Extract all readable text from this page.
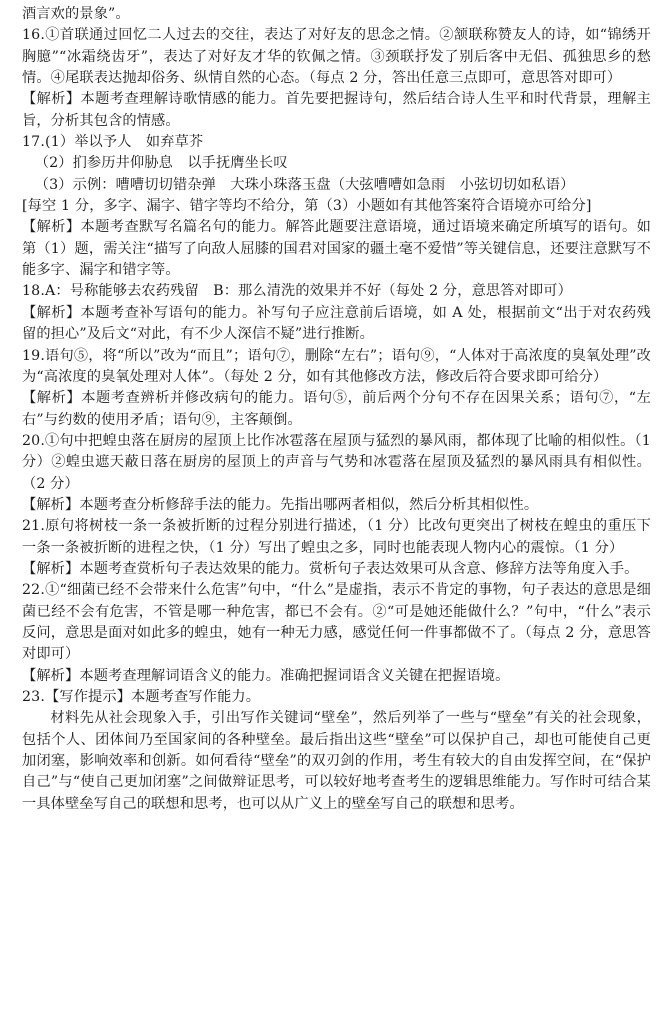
酒言欢的景象”。

16.①首联通过回忆二人过去的交往，表达了对好友的思念之情。②颔联称赞友人的诗，如“锦绣开胸臆”“冰霜绕齿牙”，表达了对好友才华的钦佩之情。③颈联抒发了别后客中无侣、孤独思乡的愁情。④尾联表达抛却俗务、纵情自然的心态。（每点 2 分，答出任意三点即可，意思答对即可）

【解析】本题考查理解诗歌情感的能力。首先要把握诗句，然后结合诗人生平和时代背景，理解主旨，分析其包含的情感。

17.(1）举以予人　如弃草芥

（2）扪参历井仰胁息　以手抚膺坐长叹

（3）示例：嘈嘈切切错杂弹　大珠小珠落玉盘（大弦嘈嘈如急雨　小弦切切如私语）

[每空 1 分，多字、漏字、错字等均不给分，第（3）小题如有其他答案符合语境亦可给分]

【解析】本题考查默写名篇名句的能力。解答此题要注意语境，通过语境来确定所填写的语句。如第（1）题，需关注“描写了向敌人屈膝的国君对国家的疆土毫不爱惜”等关键信息，还要注意默写不能多字、漏字和错字等。

18.A：号称能够去农药残留　B：那么清洗的效果并不好（每处 2 分，意思答对即可）

【解析】本题考查补写语句的能力。补写句子应注意前后语境，如 A 处，根据前文“出于对农药残留的担心”及后文“对此，有不少人深信不疑”进行推断。

19.语句⑤，将“所以”改为“而且”；语句⑦，删除“左右”；语句⑨，“人体对于高浓度的臭氧处理”改为“高浓度的臭氧处理对人体”。（每处 2 分，如有其他修改方法，修改后符合要求即可给分）

【解析】本题考查辨析并修改病句的能力。语句⑤，前后两个分句不存在因果关系；语句⑦，“左右”与约数的使用矛盾；语句⑨，主客颠倒。

20.①句中把蝗虫落在厨房的屋顶上比作冰雹落在屋顶与猛烈的暴风雨，都体现了比喻的相似性。（1 分）②蝗虫遮天蔽日落在厨房的屋顶上的声音与气势和冰雹落在屋顶及猛烈的暴风雨具有相似性。（2 分）

【解析】本题考查分析修辞手法的能力。先指出哪两者相似，然后分析其相似性。

21.原句将树枝一条一条被折断的过程分别进行描述，（1 分）比改句更突出了树枝在蝗虫的重压下一条一条被折断的进程之快，（1 分）写出了蝗虫之多，同时也能表现人物内心的震惊。（1 分）

【解析】本题考查赏析句子表达效果的能力。赏析句子表达效果可从含意、修辞方法等角度入手。

22.①“细菌已经不会带来什么危害”句中，“什么”是虚指，表示不肯定的事物，句子表达的意思是细菌已经不会有危害，不管是哪一种危害，都已不会有。②“可是她还能做什么？”句中，“什么”表示反问，意思是面对如此多的蝗虫，她有一种无力感，感觉任何一件事都做不了。（每点 2 分，意思答对即可）

【解析】本题考查理解词语含义的能力。准确把握词语含义关键在把握语境。

23.【写作提示】本题考查写作能力。

材料先从社会现象入手，引出写作关键词“壁垒”，然后列举了一些与“壁垒”有关的社会现象，包括个人、团体间乃至国家间的各种壁垒。最后指出这些“壁垒”可以保护自己，却也可能使自己更加闭塞，影响效率和创新。如何看待“壁垒”的双刃剑的作用，考生有较大的自由发挥空间，在“保护自己”与“使自己更加闭塞”之间做辩证思考，可以较好地考查考生的逻辑思维能力。写作时可结合某一具体壁垒写自己的联想和思考，也可以从广义上的壁垒写自己的联想和思考。
